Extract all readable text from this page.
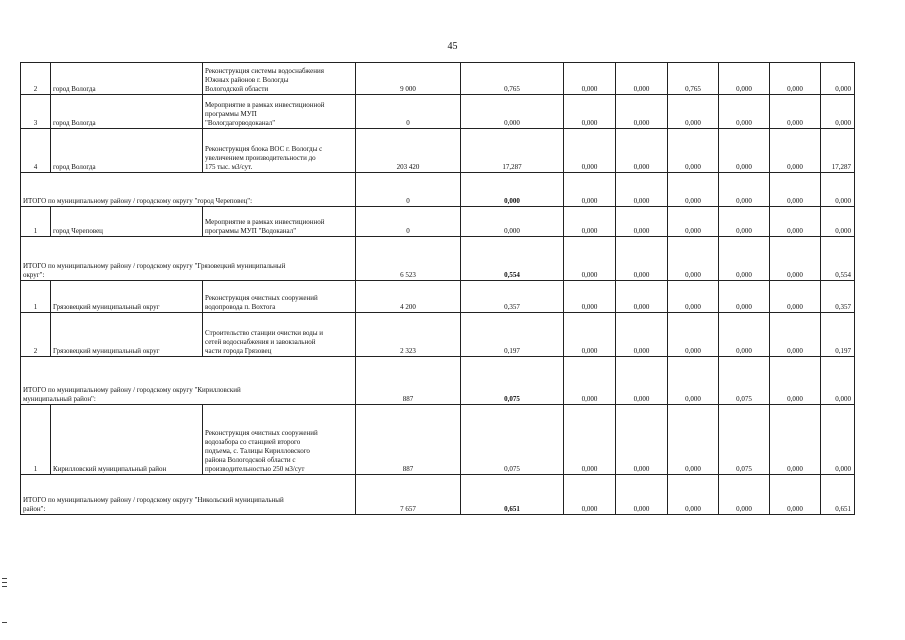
45
2	город Вологда	Реконструкция системы водоснабжения
Южных районов г. Вологды
Вологодской области	9 000	0,765	0,000	0,000	0,765	0,000	0,000	0,000
3	город Вологда	Мероприятие в рамках инвестиционной
программы МУП
"Вологдагорводоканал"	0	0,000	0,000	0,000	0,000	0,000	0,000	0,000
4	город Вологда	Реконструкция блока ВОС г. Вологды с
увеличением производительности до
175 тыс. м3/сут.	203 420	17,287	0,000	0,000	0,000	0,000	0,000	17,287

ИТОГО по муниципальному району / городскому округу "город Череповец":			0	0,000	0,000	0,000	0,000	0,000	0,000	0,000
1	город Череповец	Мероприятие в рамках инвестиционной
программы МУП "Водоканал"	0	0,000	0,000	0,000	0,000	0,000	0,000	0,000

ИТОГО по муниципальному району / городскому округу "Грязовецкий муниципальный
округ":			6 523	0,554	0,000	0,000	0,000	0,000	0,000	0,554
1	Грязовецкий муниципальный округ	Реконструкция очистных сооружений
водопровода п. Вохтога	4 200	0,357	0,000	0,000	0,000	0,000	0,000	0,357
2	Грязовецкий муниципальный округ	Строительство станции очистки воды и
сетей водоснабжения и завокзальной
части города Грязовец	2 323	0,197	0,000	0,000	0,000	0,000	0,000	0,197

ИТОГО по муниципальному району / городскому округу "Кирилловский
муниципальный район":			887	0,075	0,000	0,000	0,000	0,075	0,000	0,000
1	Кирилловский муниципальный район	Реконструкция очистных сооружений
водозабора со станцией второго
подъема, с. Талицы Кирилловского
района Вологодской области с
производительностью 250 м3/сут	887	0,075	0,000	0,000	0,000	0,075	0,000	0,000

ИТОГО по муниципальному району / городскому округу "Никольский муниципальный
район":			7 657	0,651	0,000	0,000	0,000	0,000	0,000	0,651
